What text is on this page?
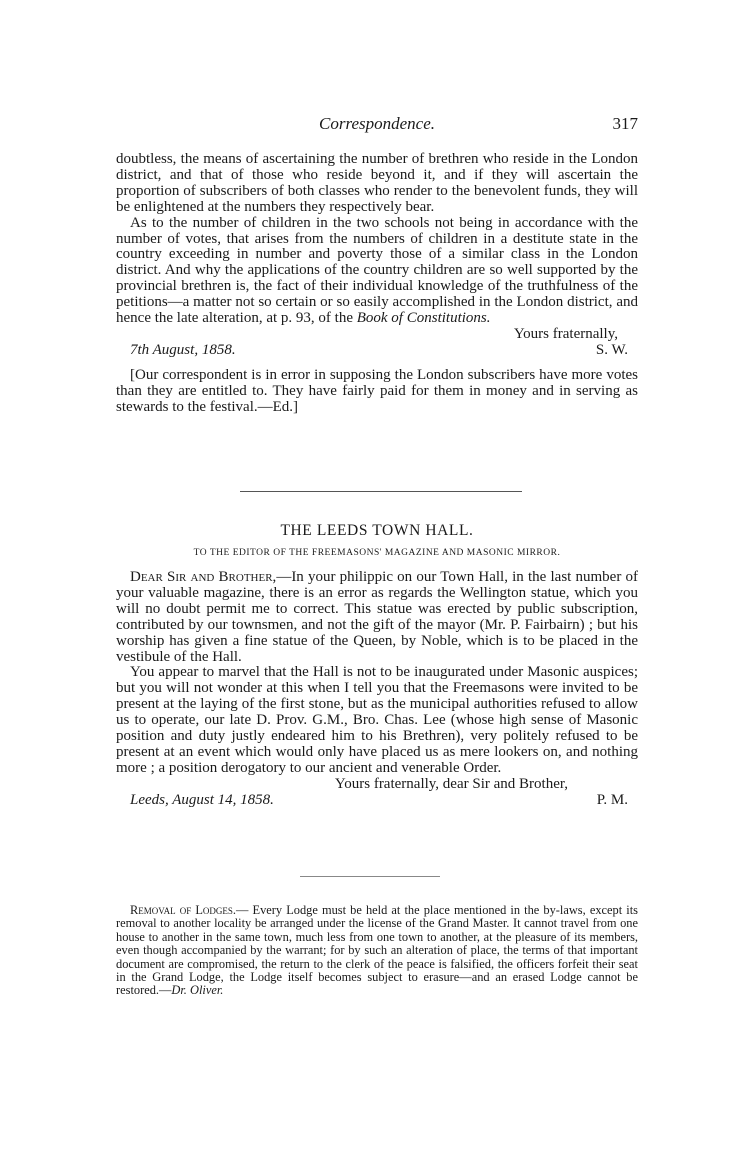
Correspondence.	317

doubtless, the means of ascertaining the number of brethren who reside in the London district, and that of those who reside beyond it, and if they will ascertain the proportion of subscribers of both classes who render to the benevolent funds, they will be enlightened at the numbers they respectively bear.

As to the number of children in the two schools not being in accordance with the number of votes, that arises from the numbers of children in a destitute state in the country exceeding in number and poverty those of a similar class in the London district. And why the applications of the country children are so well supported by the provincial brethren is, the fact of their individual knowledge of the truthfulness of the petitions—a matter not so certain or so easily accomplished in the London district, and hence the late alteration, at p. 93, of the Book of Constitutions.

Yours fraternally,

7th August, 1858.	S. W.

[Our correspondent is in error in supposing the London subscribers have more votes than they are entitled to. They have fairly paid for them in money and in serving as stewards to the festival.—Ed.]

THE LEEDS TOWN HALL.
TO THE EDITOR OF THE FREEMASONS' MAGAZINE AND MASONIC MIRROR.

Dear Sir and Brother,—In your philippic on our Town Hall, in the last number of your valuable magazine, there is an error as regards the Wellington statue, which you will no doubt permit me to correct. This statue was erected by public subscription, contributed by our townsmen, and not the gift of the mayor (Mr. P. Fairbairn) ; but his worship has given a fine statue of the Queen, by Noble, which is to be placed in the vestibule of the Hall.

You appear to marvel that the Hall is not to be inaugurated under Masonic auspices; but you will not wonder at this when I tell you that the Freemasons were invited to be present at the laying of the first stone, but as the municipal authorities refused to allow us to operate, our late D. Prov. G.M., Bro. Chas. Lee (whose high sense of Masonic position and duty justly endeared him to his Brethren), very politely refused to be present at an event which would only have placed us as mere lookers on, and nothing more ; a position derogatory to our ancient and venerable Order.

Yours fraternally, dear Sir and Brother,

Leeds, August 14, 1858.	P. M.

Removal of Lodges.— Every Lodge must be held at the place mentioned in the by-laws, except its removal to another locality be arranged under the license of the Grand Master. It cannot travel from one house to another in the same town, much less from one town to another, at the pleasure of its members, even though accompanied by the warrant; for by such an alteration of place, the terms of that important document are compromised, the return to the clerk of the peace is falsified, the officers forfeit their seat in the Grand Lodge, the Lodge itself becomes subject to erasure—and an erased Lodge cannot be restored.—Dr. Oliver.
